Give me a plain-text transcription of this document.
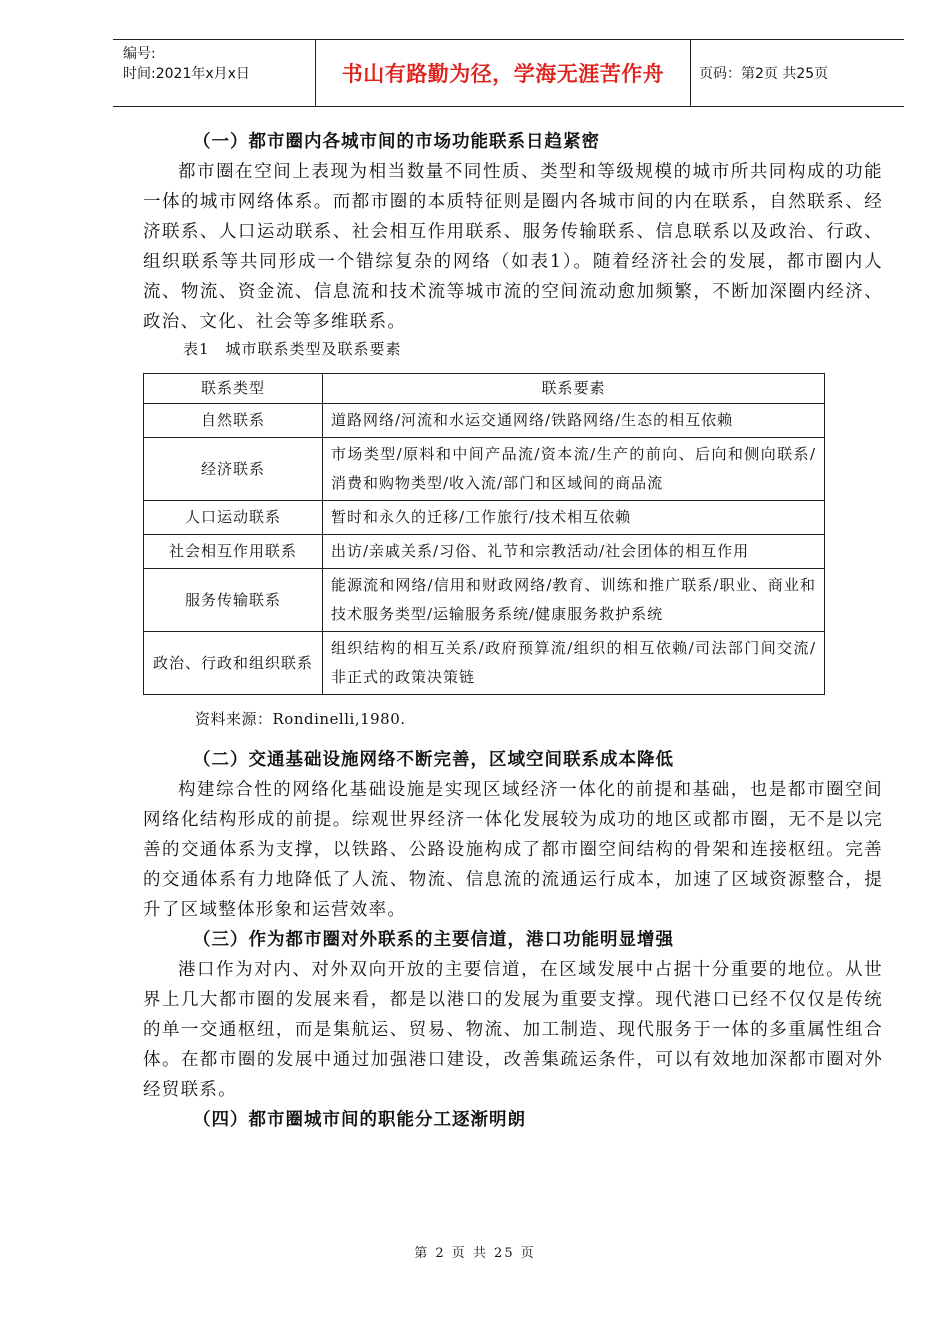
编号:
时间:2021年x月x日	书山有路勤为径，学海无涯苦作舟 页码：第2页 共25页

（一）都市圈内各城市间的市场功能联系日趋紧密

都市圈在空间上表现为相当数量不同性质、类型和等级规模的城市所共同构成的功能一体的城市网络体系。而都市圈的本质特征则是圈内各城市间的内在联系，自然联系、经济联系、人口运动联系、社会相互作用联系、服务传输联系、信息联系以及政治、行政、组织联系等共同形成一个错综复杂的网络（如表1）。随着经济社会的发展，都市圈内人流、物流、资金流、信息流和技术流等城市流的空间流动愈加频繁，不断加深圈内经济、政治、文化、社会等多维联系。

表1　城市联系类型及联系要素

联系类型	联系要素
自然联系	道路网络/河流和水运交通网络/铁路网络/生态的相互依赖
经济联系	市场类型/原料和中间产品流/资本流/生产的前向、后向和侧向联系/消费和购物类型/收入流/部门和区域间的商品流
人口运动联系	暂时和永久的迁移/工作旅行/技术相互依赖
社会相互作用联系	出访/亲戚关系/习俗、礼节和宗教活动/社会团体的相互作用
服务传输联系	能源流和网络/信用和财政网络/教育、训练和推广联系/职业、商业和技术服务类型/运输服务系统/健康服务救护系统
政治、行政和组织联系	组织结构的相互关系/政府预算流/组织的相互依赖/司法部门间交流/非正式的政策决策链

资料来源：Rondinelli,1980.

（二）交通基础设施网络不断完善，区域空间联系成本降低

构建综合性的网络化基础设施是实现区域经济一体化的前提和基础，也是都市圈空间网络化结构形成的前提。综观世界经济一体化发展较为成功的地区或都市圈，无不是以完善的交通体系为支撑，以铁路、公路设施构成了都市圈空间结构的骨架和连接枢纽。完善的交通体系有力地降低了人流、物流、信息流的流通运行成本，加速了区域资源整合，提升了区域整体形象和运营效率。

（三）作为都市圈对外联系的主要信道，港口功能明显增强

港口作为对内、对外双向开放的主要信道，在区域发展中占据十分重要的地位。从世界上几大都市圈的发展来看，都是以港口的发展为重要支撑。现代港口已经不仅仅是传统的单一交通枢纽，而是集航运、贸易、物流、加工制造、现代服务于一体的多重属性组合体。在都市圈的发展中通过加强港口建设，改善集疏运条件，可以有效地加深都市圈对外经贸联系。

（四）都市圈城市间的职能分工逐渐明朗

第 2 页 共 25 页
